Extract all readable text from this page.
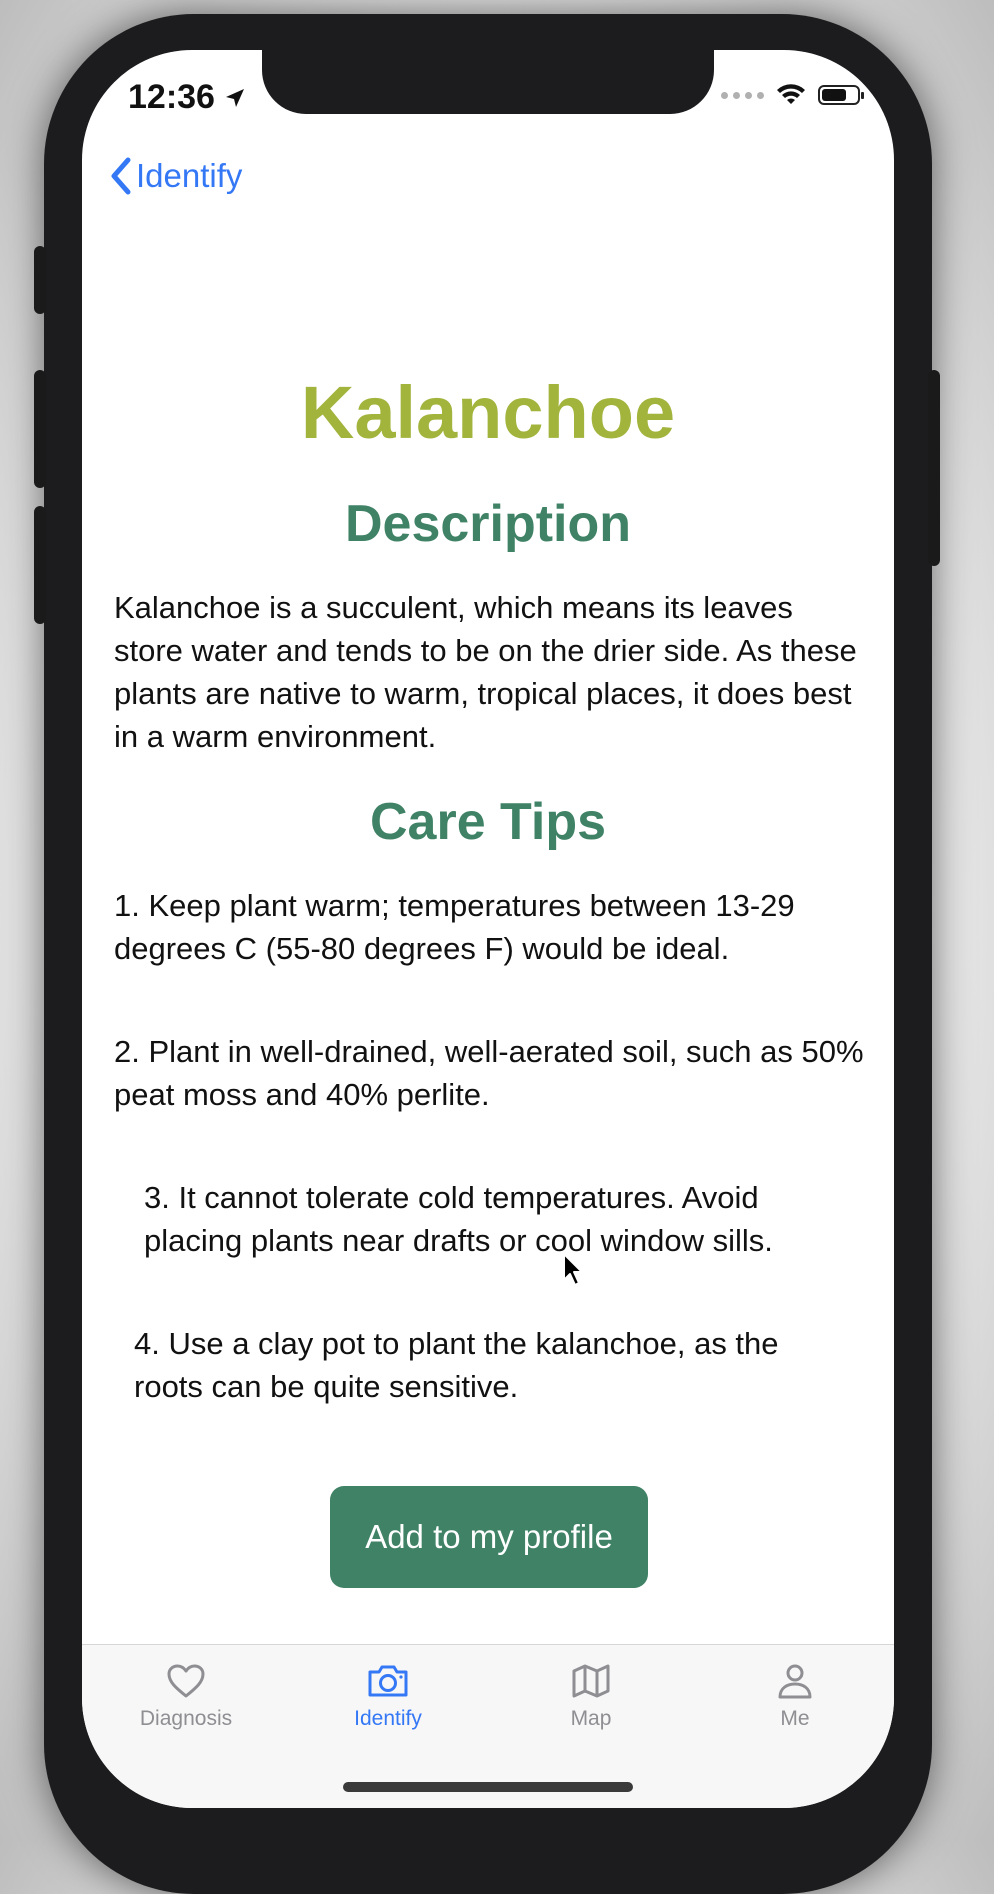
12:36
Identify
Kalanchoe
Description
Kalanchoe is a succulent, which means its leaves store water and tends to be on the drier side. As these plants are native to warm, tropical places, it does best in a warm environment.
Care Tips
1. Keep plant warm; temperatures between 13-29 degrees C (55-80 degrees F) would be ideal.
2. Plant in well-drained, well-aerated soil, such as 50% peat moss and 40% perlite.
3. It cannot tolerate cold temperatures. Avoid placing plants near drafts or cool window sills.
4. Use a clay pot to plant the kalanchoe, as the roots can be quite sensitive.
Add to my profile
Diagnosis	Identify	Map	Me
